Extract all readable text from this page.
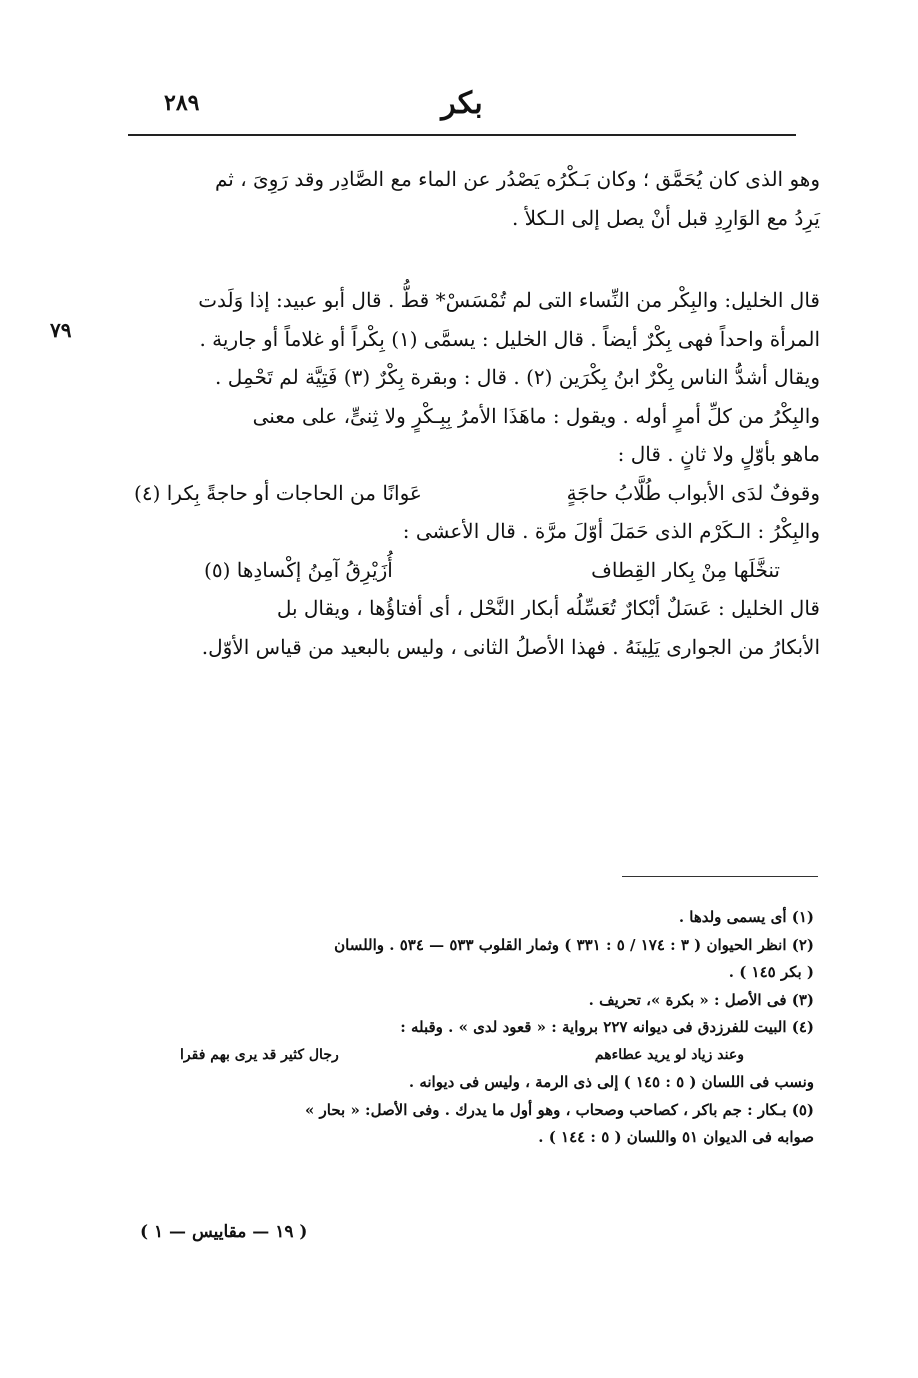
بكر
٢٨٩
٧٩

وهو الذى كان يُحَمَّق ؛ وكان بَـكْرُه يَصْدُر عن الماء مع الصَّادِر وقد رَوِىَ ، ثم

يَرِدُ مع الوَارِدِ قبل أنْ يصل إلى الـكلأ .

قال الخليل: والبِكْر من النِّساء التى لم تُمْسَسْ* قطُّ . قال أبو عبيد: إذا وَلَدت

المرأة واحداً فهى بِكْرٌ أيضاً . قال الخليل : يسمَّى (١) بِكْراً أو غلاماً أو جارية .

ويقال أشدُّ الناس بِكْرٌ ابنُ بِكْرَين (٢) . قال : وبقرة بِكْرٌ (٣) فَتِيَّة لم تَحْمِل .

والبِكْرُ من كلِّ أمرٍ أوله . ويقول : ماهَذَا الأمرُ بِبِـكْرٍ ولا ثِنىٍّ، على معنى

ماهو بأوّلٍ ولا ثانٍ . قال :

وقوفٌ لدَى الأبواب طُلَّابُ حاجَةٍ
عَوانًا من الحاجات أو حاجةً بِكرا (٤)

والبِكْرُ : الـكَرْم الذى حَمَلَ أوّلَ مرَّة . قال الأعشى :

تنخَّلَها مِنْ بِكار القِطاف
أُزَيْرِقُ آمِنُ إكْسادِها (٥)

قال الخليل : عَسَلٌ أبْكارٌ تُعَسِّلُه أبكار النَّحْل ، أى أفتاؤُها ، ويقال بل

الأبكارُ من الجوارى يَلِينَهُ . فهذا الأصلُ الثانى ، وليس بالبعيد من قياس الأوّل.

(١) أى يسمى ولدها .

(٢) انظر الحيوان ( ٣ : ١٧٤ / ٥ : ٣٣١ ) وثمار القلوب ٥٣٣ — ٥٣٤ . واللسان

( بكر ١٤٥ ) .

(٣) فى الأصل : « بكرة »، تحريف .

(٤) البيت للفرزدق فى ديوانه ٢٢٧ برواية : « قعود لدى » . وقبله :

وعند زياد لو يريد عطاءهم
رجال كثير قد يرى بهم فقرا

ونسب فى اللسان ( ٥ : ١٤٥ ) إلى ذى الرمة ، وليس فى ديوانه .

(٥) بـكار : جم باكر ، كصاحب وصحاب ، وهو أول ما يدرك . وفى الأصل: « بحار »

صوابه فى الديوان ٥١ واللسان ( ٥ : ١٤٤ ) .

( ١٩ — مقاييس — ١ )
